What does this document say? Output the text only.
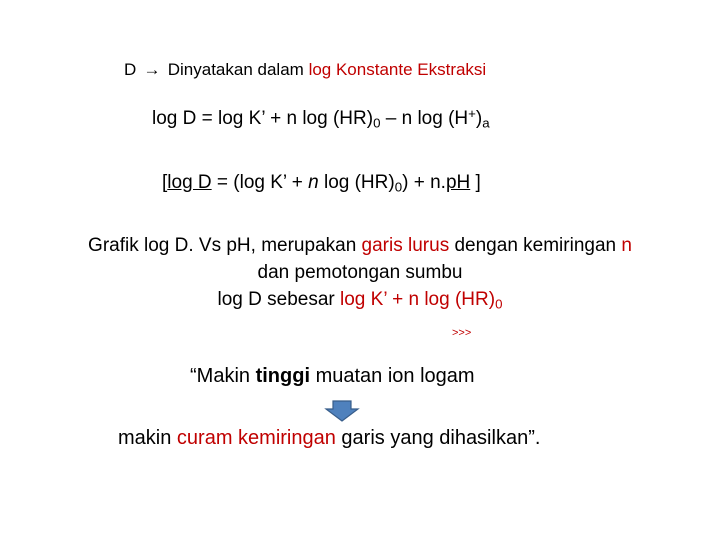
D → Dinyatakan dalam log Konstante Ekstraksi
log D = log K’ + n $\log (HR)_0$ – n $\log (H^+)_a$
[log D = (log K’ + n $\log (HR)_0) + n.pH$ ]
Grafik log D. Vs pH, merupakan garis lurus dengan kemiringan n
dan pemotongan sumbu
log D sebesar log K’ + n $\log (HR)_0$
>>>
“Makin tinggi muatan ion logam
makin curam kemiringan garis yang dihasilkan”.
